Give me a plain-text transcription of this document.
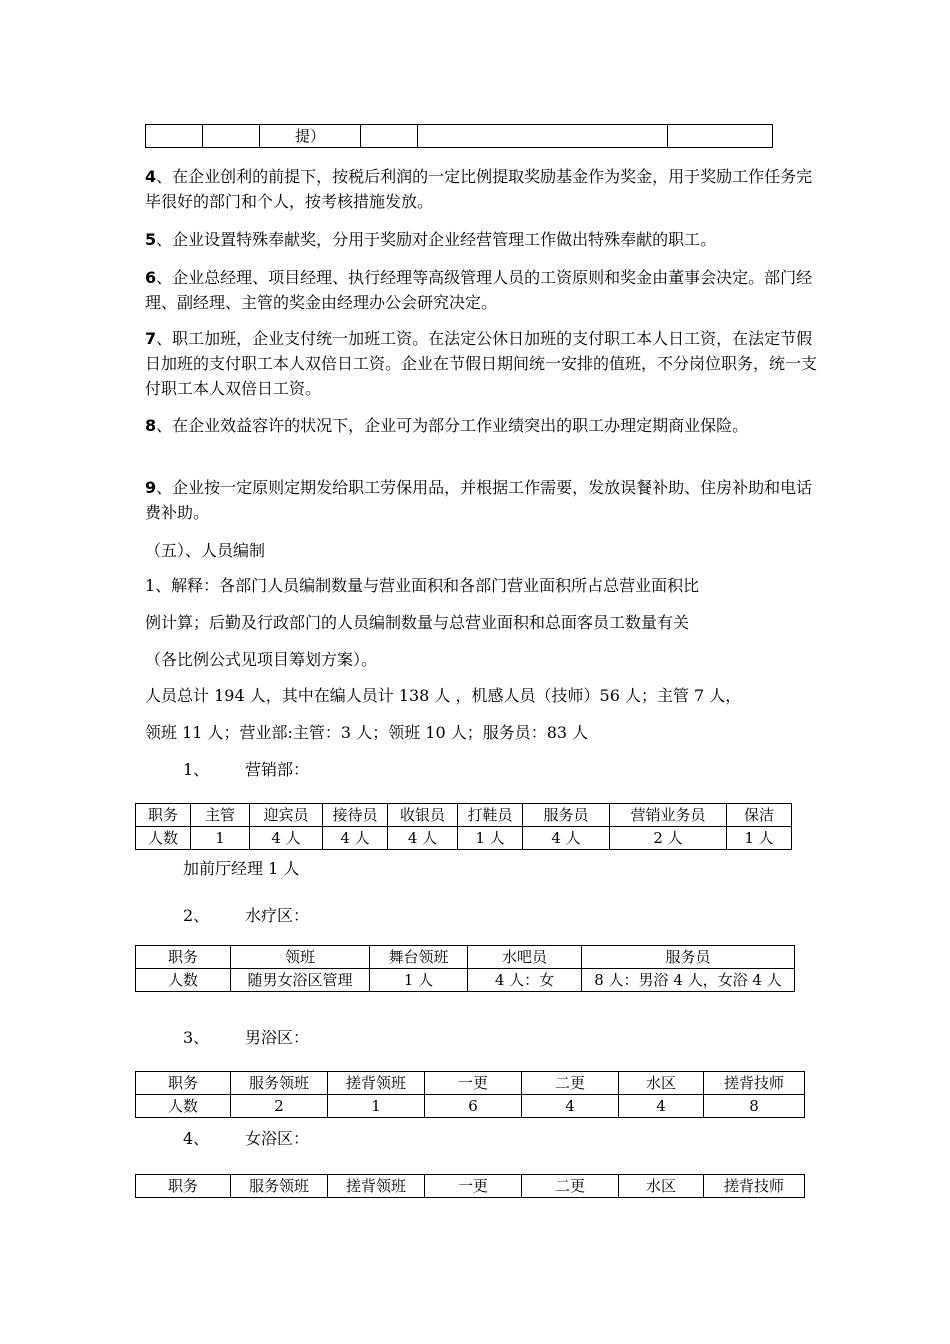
		提）			
4、在企业创利的前提下，按税后利润的一定比例提取奖励基金作为奖金，用于奖励工作任务完毕很好的部门和个人，按考核措施发放。
5、企业设置特殊奉献奖，分用于奖励对企业经营管理工作做出特殊奉献的职工。
6、企业总经理、项目经理、执行经理等高级管理人员的工资原则和奖金由董事会决定。部门经理、副经理、主管的奖金由经理办公会研究决定。
7、职工加班，企业支付统一加班工资。在法定公休日加班的支付职工本人日工资，在法定节假日加班的支付职工本人双倍日工资。企业在节假日期间统一安排的值班，不分岗位职务，统一支付职工本人双倍日工资。
8、在企业效益容许的状况下，企业可为部分工作业绩突出的职工办理定期商业保险。
9、企业按一定原则定期发给职工劳保用品，并根据工作需要，发放误餐补助、住房补助和电话费补助。
（五）、人员编制
1、解释：各部门人员编制数量与营业面积和各部门营业面积所占总营业面积比
例计算；后勤及行政部门的人员编制数量与总营业面积和总面客员工数量有关
（各比例公式见项目筹划方案）。
人员总计 194 人，其中在编人员计 138 人 ，机感人员（技师）56 人；主管 7 人，
领班 11 人；营业部:主管：3 人；领班 10 人；服务员：83 人
1、 营销部：
职务	主管	迎宾员	接待员	收银员	打鞋员	服务员	营销业务员	保洁
人数	1	4 人	4 人	4 人	1 人	4 人	2 人	1 人
加前厅经理 1 人
2、 水疗区：
职务	领班	舞台领班	水吧员	服务员
人数	随男女浴区管理	1 人	4 人：女	8 人：男浴 4 人，女浴 4 人
3、 男浴区：
职务	服务领班	搓背领班	一更	二更	水区	搓背技师
人数	2	1	6	4	4	8
4、 女浴区：
职务	服务领班	搓背领班	一更	二更	水区	搓背技师
